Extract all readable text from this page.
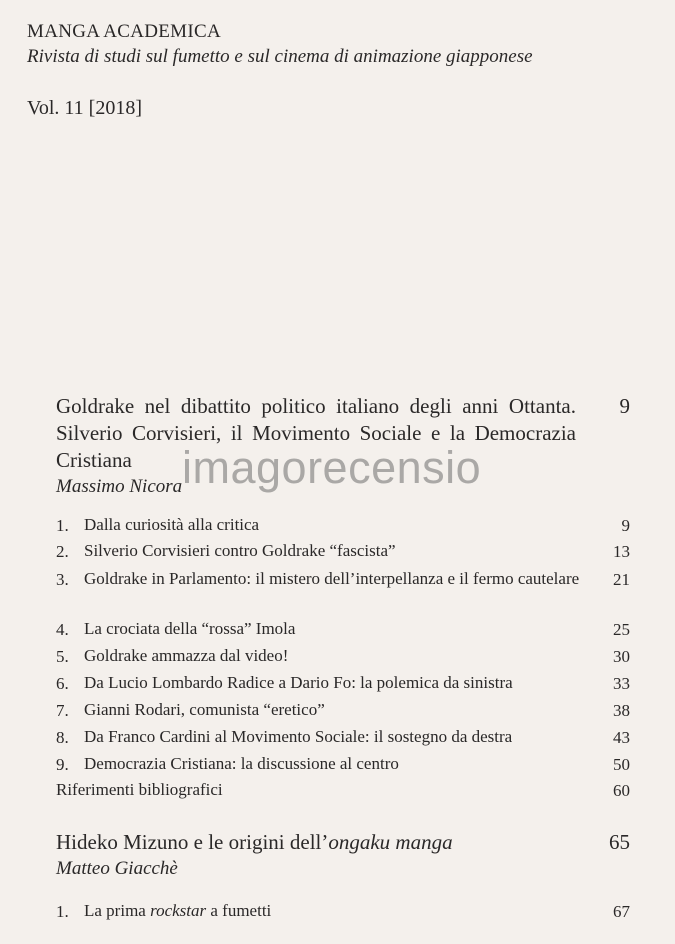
MANGA ACADEMICA
Rivista di studi sul fumetto e sul cinema di animazione giapponese
Vol. 11 [2018]
Goldrake nel dibattito politico italiano degli anni Ottanta. Silverio Corvisieri, il Movimento Sociale e la Democrazia Cristiana
9
Massimo Nicora
1. Dalla curiosità alla critica	9
2. Silverio Corvisieri contro Goldrake “fascista”	13
3. Goldrake in Parlamento: il mistero dell’interpellanza e il fermo cautelare 21
4. La crociata della “rossa” Imola	25
5. Goldrake ammazza dal video!	30
6. Da Lucio Lombardo Radice a Dario Fo: la polemica da sinistra	33
7. Gianni Rodari, comunista “eretico”	38
8. Da Franco Cardini al Movimento Sociale: il sostegno da destra	43
9. Democrazia Cristiana: la discussione al centro	50
Riferimenti bibliografici	60
Hideko Mizuno e le origini dell’ongaku manga	65
Matteo Giacchè
1. La prima rockstar a fumetti	67
imagorecensio
